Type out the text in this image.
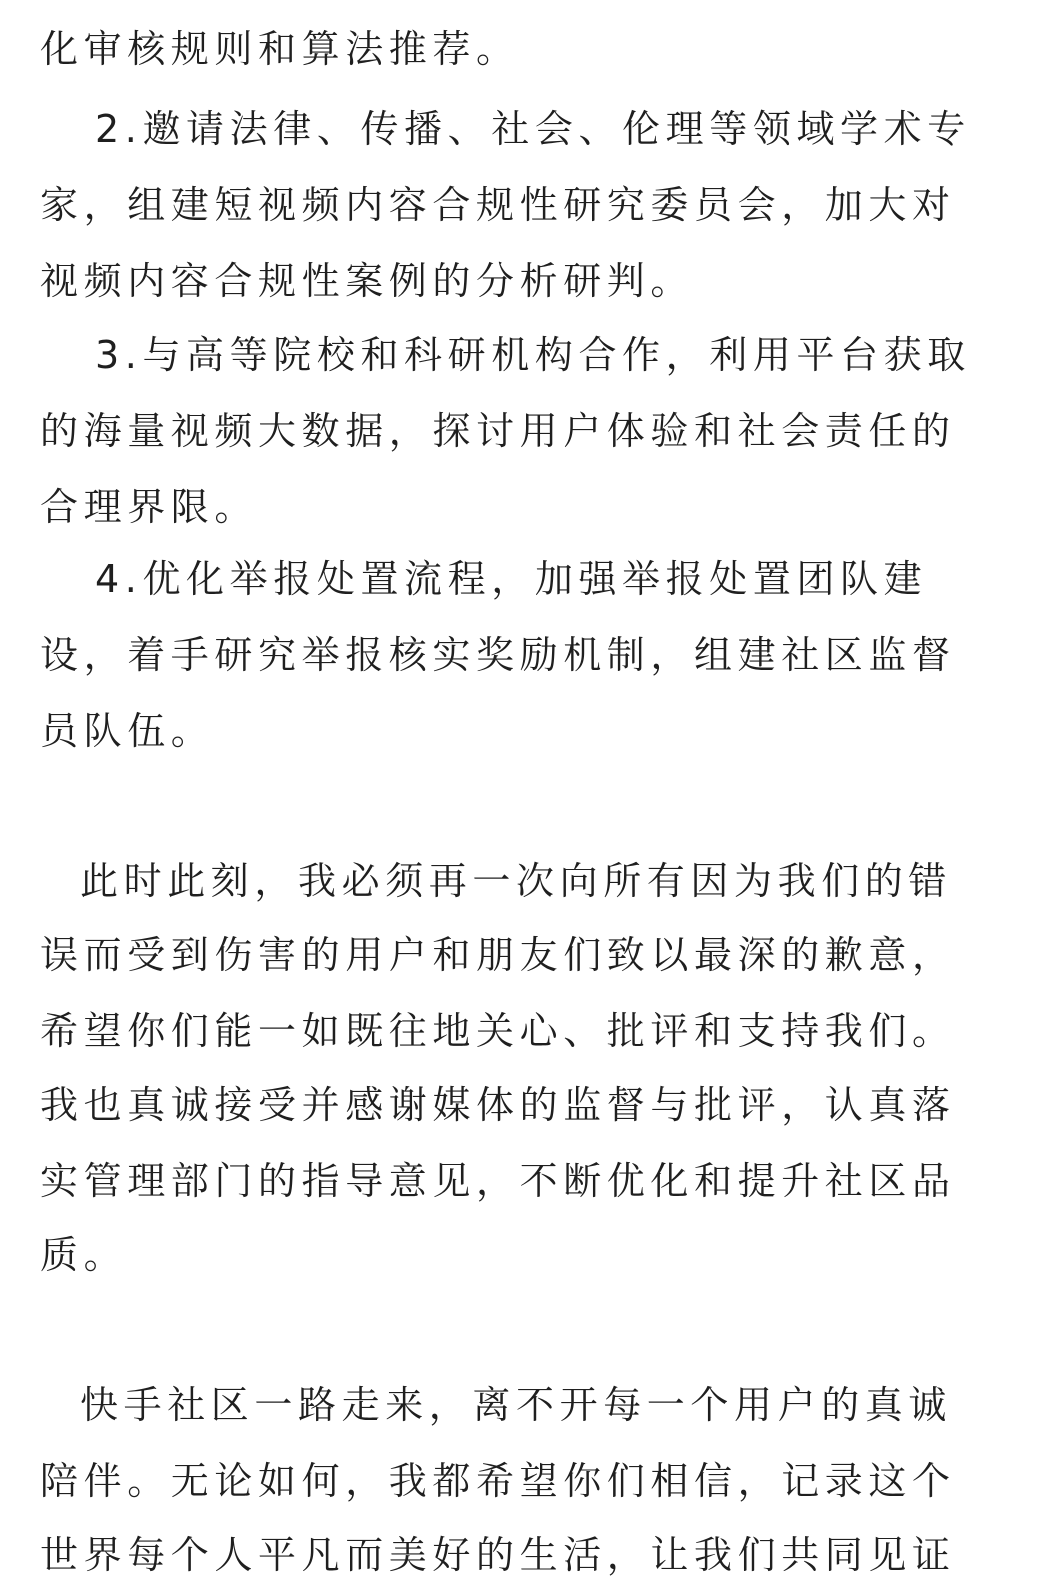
化审核规则和算法推荐。
2.邀请法律、传播、社会、伦理等领域学术专
家，组建短视频内容合规性研究委员会，加大对
视频内容合规性案例的分析研判。
3.与高等院校和科研机构合作，利用平台获取
的海量视频大数据，探讨用户体验和社会责任的
合理界限。
4.优化举报处置流程，加强举报处置团队建
设，着手研究举报核实奖励机制，组建社区监督
员队伍。
此时此刻，我必须再一次向所有因为我们的错
误而受到伤害的用户和朋友们致以最深的歉意，
希望你们能一如既往地关心、批评和支持我们。
我也真诚接受并感谢媒体的监督与批评，认真落
实管理部门的指导意见，不断优化和提升社区品
质。
快手社区一路走来，离不开每一个用户的真诚
陪伴。无论如何，我都希望你们相信，记录这个
世界每个人平凡而美好的生活，让我们共同见证
